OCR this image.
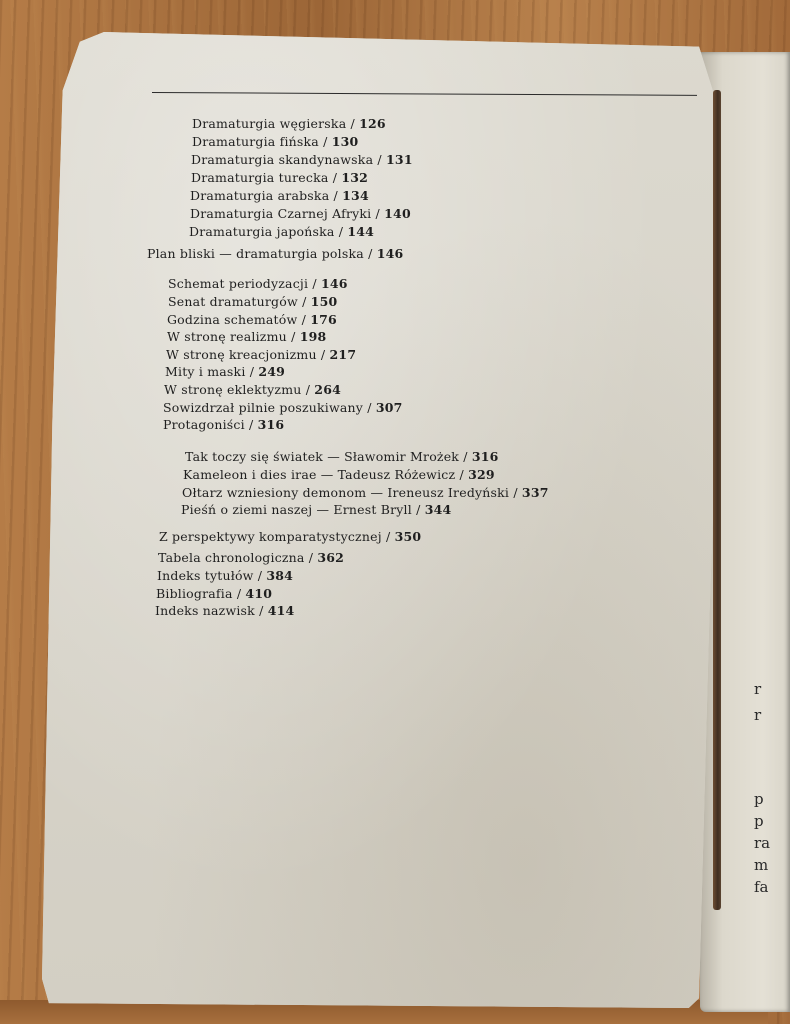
r
r
p
p
ra
m
fa
Dramaturgia węgierska / 126
Dramaturgia fińska / 130
Dramaturgia skandynawska / 131
Dramaturgia turecka / 132
Dramaturgia arabska / 134
Dramaturgia Czarnej Afryki / 140
Dramaturgia japońska / 144
Plan bliski — dramaturgia polska / 146
Schemat periodyzacji / 146
Senat dramaturgów / 150
Godzina schematów / 176
W stronę realizmu / 198
W stronę kreacjonizmu / 217
Mity i maski / 249
W stronę eklektyzmu / 264
Sowizdrzał pilnie poszukiwany / 307
Protagoniści / 316
Tak toczy się światek — Sławomir Mrożek / 316
Kameleon i dies irae — Tadeusz Różewicz / 329
Ołtarz wzniesiony demonom — Ireneusz Iredyński / 337
Pieśń o ziemi naszej — Ernest Bryll / 344
Z perspektywy komparatystycznej / 350
Tabela chronologiczna / 362
Indeks tytułów / 384
Bibliografia / 410
Indeks nazwisk / 414
